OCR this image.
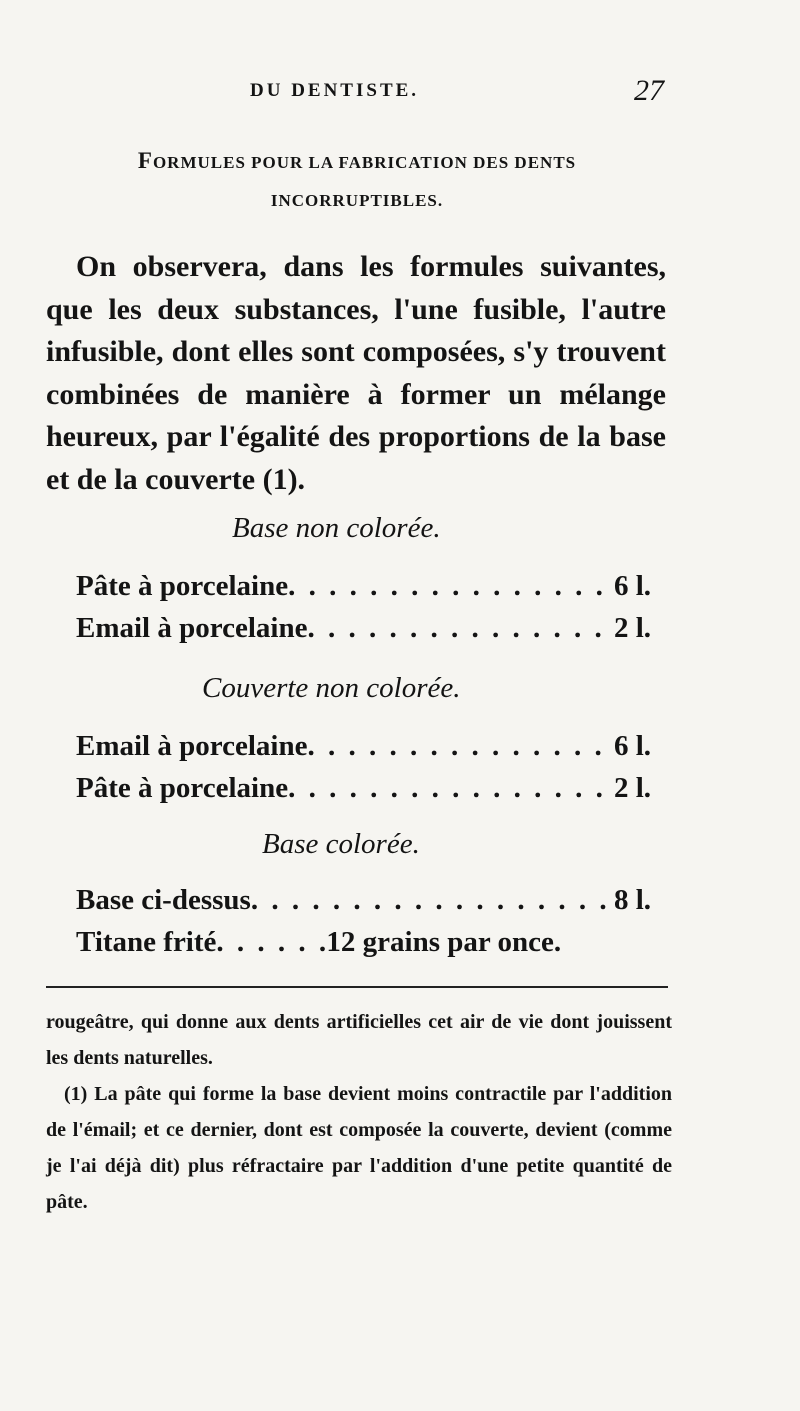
DU DENTISTE.	27
FORMULES POUR LA FABRICATION DES DENTS
INCORRUPTIBLES.
On observera, dans les formules suivantes, que les deux substances, l'une fusible, l'autre infusible, dont elles sont composées, s'y trouvent combinées de manière à former un mélange heureux, par l'égalité des proportions de la base et de la couverte (1).
Base non colorée.
Pâte à porcelaine . . .	6 l.
Email à porcelaine . . .	2 l.
Couverte non colorée.
Email à porcelaine . . .	6 l.
Pâte à porcelaine . . .	2 l.
Base colorée.
Base ci-dessus . . .	8 l.
Titane frité . . .	12 grains par once.

rougeâtre, qui donne aux dents artificielles cet air de vie dont jouissent les dents naturelles.

(1) La pâte qui forme la base devient moins contractile par l'addition de l'émail; et ce dernier, dont est composée la couverte, devient (comme je l'ai déjà dit) plus réfractaire par l'addition d'une petite quantité de pâte.
